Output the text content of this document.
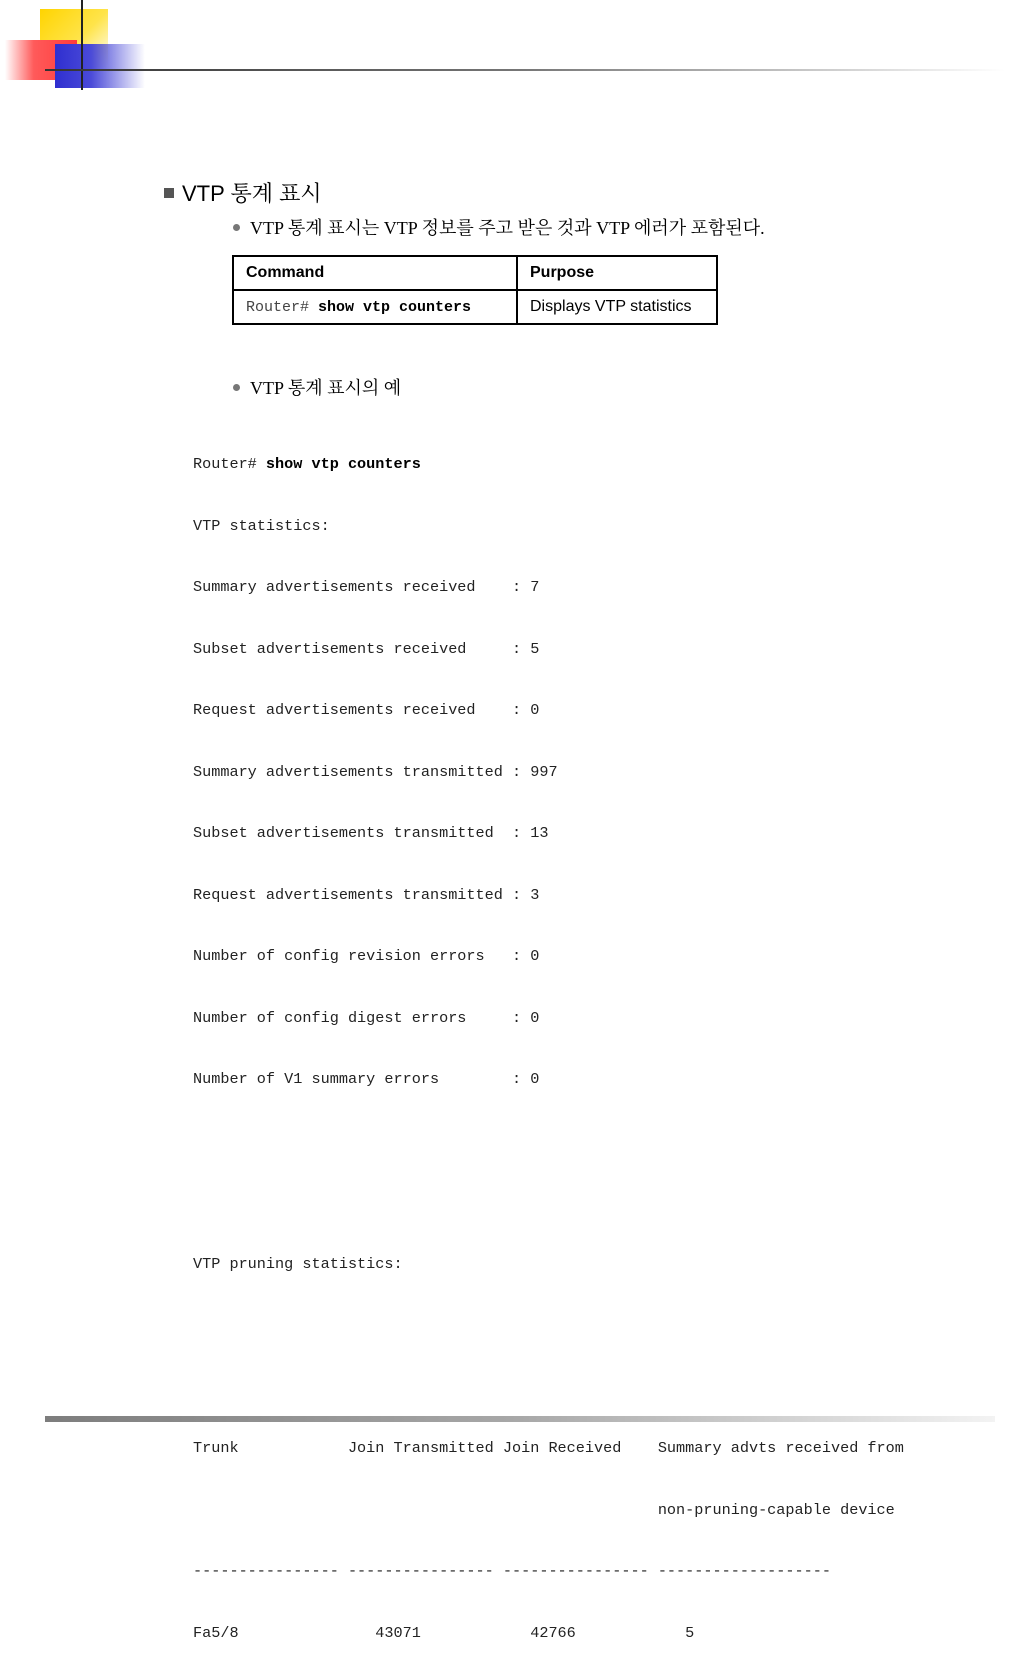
VTP 통계 표시
VTP 통계 표시는 VTP 정보를 주고 받은 것과 VTP 에러가 포함된다.
Command	Purpose
Router# show vtp counters	Displays VTP statistics
VTP 통계 표시의 예

Router# show vtp counters

VTP statistics:

Summary advertisements received    : 7

Subset advertisements received     : 5

Request advertisements received    : 0

Summary advertisements transmitted : 997

Subset advertisements transmitted  : 13

Request advertisements transmitted : 3

Number of config revision errors   : 0

Number of config digest errors     : 0

Number of V1 summary errors        : 0

VTP pruning statistics:

Trunk            Join Transmitted Join Received    Summary advts received from

non-pruning-capable device

---------------- ---------------- ---------------- -------------------

Fa5/8               43071            42766            5
